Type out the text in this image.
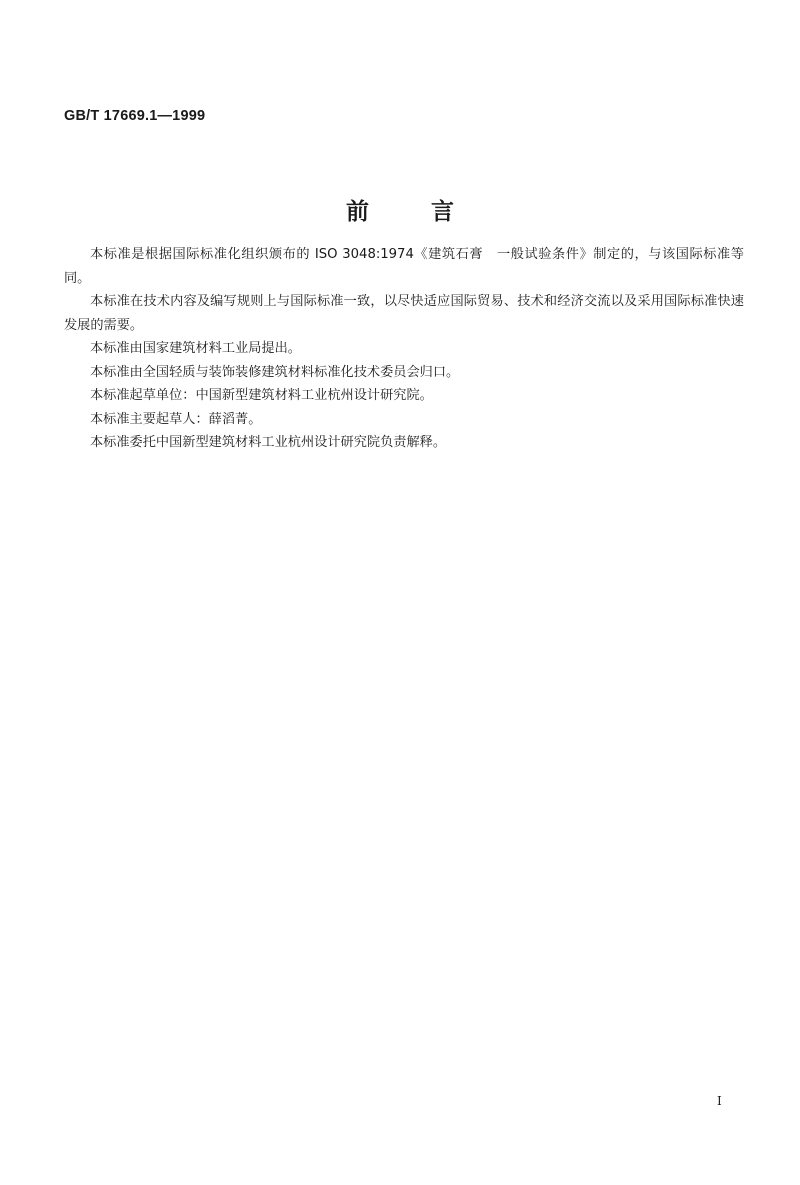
GB/T 17669.1—1999
前言

本标准是根据国际标准化组织颁布的 ISO 3048:1974《建筑石膏　一般试验条件》制定的，与该国际标准等同。

本标准在技术内容及编写规则上与国际标准一致，以尽快适应国际贸易、技术和经济交流以及采用国际标准快速发展的需要。

本标准由国家建筑材料工业局提出。

本标准由全国轻质与装饰装修建筑材料标准化技术委员会归口。

本标准起草单位：中国新型建筑材料工业杭州设计研究院。

本标准主要起草人：薛滔菁。

本标准委托中国新型建筑材料工业杭州设计研究院负责解释。

I
